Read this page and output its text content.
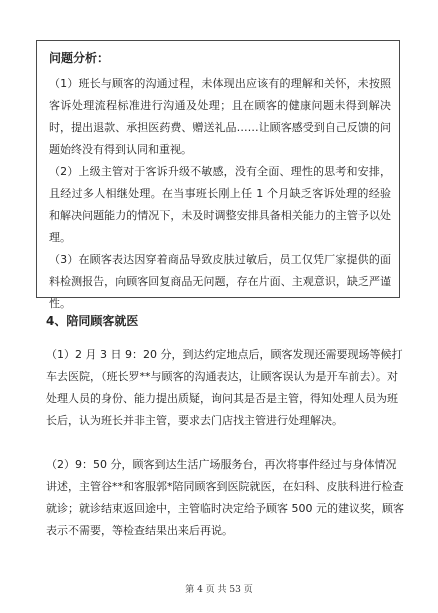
问题分析：

（1）班长与顾客的沟通过程，未体现出应该有的理解和关怀，未按照客诉处理流程标准进行沟通及处理；且在顾客的健康问题未得到解决时，提出退款、承担医药费、赠送礼品……让顾客感受到自己反馈的问题始终没有得到认同和重视。

（2）上级主管对于客诉升级不敏感，没有全面、理性的思考和安排，且经过多人相继处理。在当事班长刚上任 1 个月缺乏客诉处理的经验和解决问题能力的情况下，未及时调整安排具备相关能力的主管予以处理。

（3）在顾客表达因穿着商品导致皮肤过敏后，员工仅凭厂家提供的面料检测报告，向顾客回复商品无问题，存在片面、主观意识，缺乏严谨性。

4、陪同顾客就医

（1）2 月 3 日 9：20 分，到达约定地点后，顾客发现还需要现场等候打车去医院，（班长罗**与顾客的沟通表达，让顾客误认为是开车前去）。对处理人员的身份、能力提出质疑，询问其是否是主管，得知处理人员为班长后，认为班长并非主管，要求去门店找主管进行处理解决。

（2）9：50 分，顾客到达生活广场服务台，再次将事件经过与身体情况讲述，主管谷**和客服郭*陪同顾客到医院就医，在妇科、皮肤科进行检查就诊；就诊结束返回途中，主管临时决定给予顾客 500 元的建议奖，顾客表示不需要，等检查结果出来后再说。

第 4 页 共 53 页
